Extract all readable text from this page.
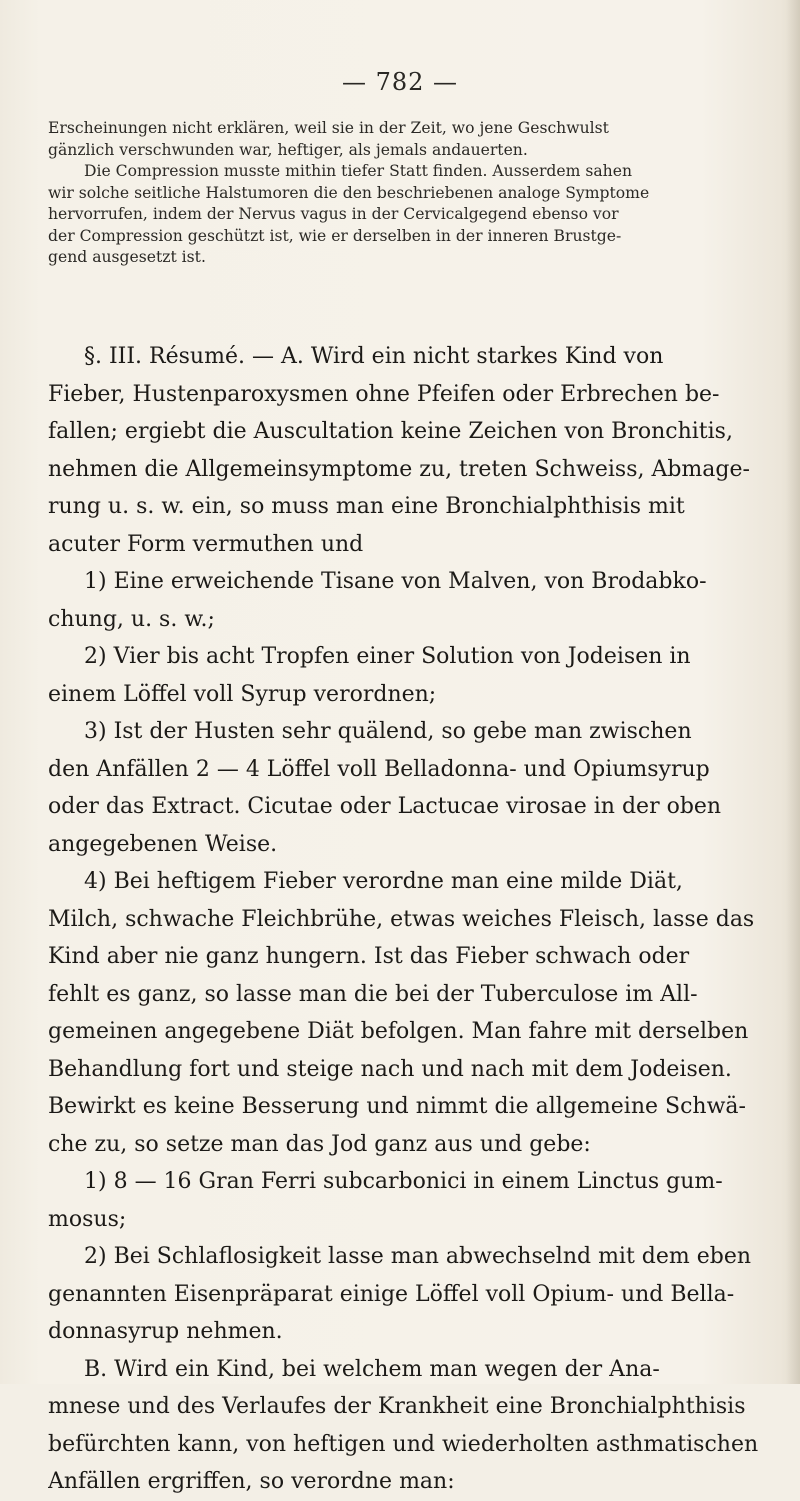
— 782 —
Erscheinungen nicht erklären, weil sie in der Zeit, wo jene Geschwulst
gänzlich verschwunden war, heftiger, als jemals andauerten.
Die Compression musste mithin tiefer Statt finden. Ausserdem sahen
wir solche seitliche Halstumoren die den beschriebenen analoge Symptome
hervorrufen, indem der Nervus vagus in der Cervicalgegend ebenso vor
der Compression geschützt ist, wie er derselben in der inneren Brustge-
gend ausgesetzt ist.
§. III. Résumé. — A. Wird ein nicht starkes Kind von
Fieber, Hustenparoxysmen ohne Pfeifen oder Erbrechen be-
fallen; ergiebt die Auscultation keine Zeichen von Bronchitis,
nehmen die Allgemeinsymptome zu, treten Schweiss, Abmage-
rung u. s. w. ein, so muss man eine Bronchialphthisis mit
acuter Form vermuthen und
1) Eine erweichende Tisane von Malven, von Brodabko-
chung, u. s. w.;
2) Vier bis acht Tropfen einer Solution von Jodeisen in
einem Löffel voll Syrup verordnen;
3) Ist der Husten sehr quälend, so gebe man zwischen
den Anfällen 2 — 4 Löffel voll Belladonna- und Opiumsyrup
oder das Extract. Cicutae oder Lactucae virosae in der oben
angegebenen Weise.
4) Bei heftigem Fieber verordne man eine milde Diät,
Milch, schwache Fleichbrühe, etwas weiches Fleisch, lasse das
Kind aber nie ganz hungern. Ist das Fieber schwach oder
fehlt es ganz, so lasse man die bei der Tuberculose im All-
gemeinen angegebene Diät befolgen. Man fahre mit derselben
Behandlung fort und steige nach und nach mit dem Jodeisen.
Bewirkt es keine Besserung und nimmt die allgemeine Schwä-
che zu, so setze man das Jod ganz aus und gebe:
1) 8 — 16 Gran Ferri subcarbonici in einem Linctus gum-
mosus;
2) Bei Schlaflosigkeit lasse man abwechselnd mit dem eben
genannten Eisenpräparat einige Löffel voll Opium- und Bella-
donnasyrup nehmen.
B. Wird ein Kind, bei welchem man wegen der Ana-
mnese und des Verlaufes der Krankheit eine Bronchialphthisis
befürchten kann, von heftigen und wiederholten asthmatischen
Anfällen ergriffen, so verordne man:
